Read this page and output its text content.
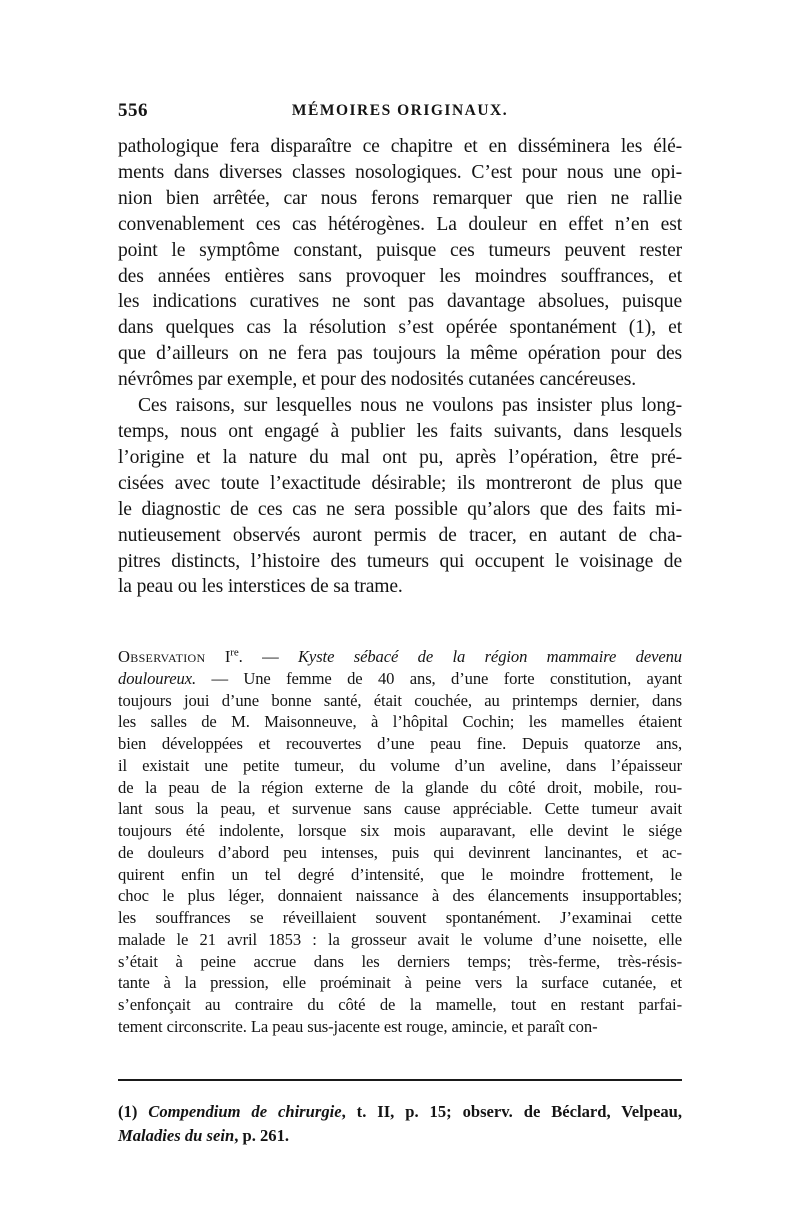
556	MÉMOIRES ORIGINAUX.

pathologique fera disparaître ce chapitre et en disséminera les élé-

ments dans diverses classes nosologiques. C’est pour nous une opi-

nion bien arrêtée, car nous ferons remarquer que rien ne rallie

convenablement ces cas hétérogènes. La douleur en effet n’en est

point le symptôme constant, puisque ces tumeurs peuvent rester

des années entières sans provoquer les moindres souffrances, et

les indications curatives ne sont pas davantage absolues, puisque

dans quelques cas la résolution s’est opérée spontanément (1), et

que d’ailleurs on ne fera pas toujours la même opération pour des

névrômes par exemple, et pour des nodosités cutanées cancéreuses.

Ces raisons, sur lesquelles nous ne voulons pas insister plus long-

temps, nous ont engagé à publier les faits suivants, dans lesquels

l’origine et la nature du mal ont pu, après l’opération, être pré-

cisées avec toute l’exactitude désirable; ils montreront de plus que

le diagnostic de ces cas ne sera possible qu’alors que des faits mi-

nutieusement observés auront permis de tracer, en autant de cha-

pitres distincts, l’histoire des tumeurs qui occupent le voisinage de

la peau ou les interstices de sa trame.

Observation Ire. — Kyste sébacé de la région mammaire devenu

douloureux. — Une femme de 40 ans, d’une forte constitution, ayant

toujours joui d’une bonne santé, était couchée, au printemps dernier, dans

les salles de M. Maisonneuve, à l’hôpital Cochin; les mamelles étaient

bien développées et recouvertes d’une peau fine. Depuis quatorze ans,

il existait une petite tumeur, du volume d’un aveline, dans l’épaisseur

de la peau de la région externe de la glande du côté droit, mobile, rou-

lant sous la peau, et survenue sans cause appréciable. Cette tumeur avait

toujours été indolente, lorsque six mois auparavant, elle devint le siége

de douleurs d’abord peu intenses, puis qui devinrent lancinantes, et ac-

quirent enfin un tel degré d’intensité, que le moindre frottement, le

choc le plus léger, donnaient naissance à des élancements insupportables;

les souffrances se réveillaient souvent spontanément. J’examinai cette

malade le 21 avril 1853 : la grosseur avait le volume d’une noisette, elle

s’était à peine accrue dans les derniers temps; très-ferme, très-résis-

tante à la pression, elle proéminait à peine vers la surface cutanée, et

s’enfonçait au contraire du côté de la mamelle, tout en restant parfai-

tement circonscrite. La peau sus-jacente est rouge, amincie, et paraît con-

(1) Compendium de chirurgie, t. II, p. 15; observ. de Béclard, Velpeau,

Maladies du sein, p. 261.
